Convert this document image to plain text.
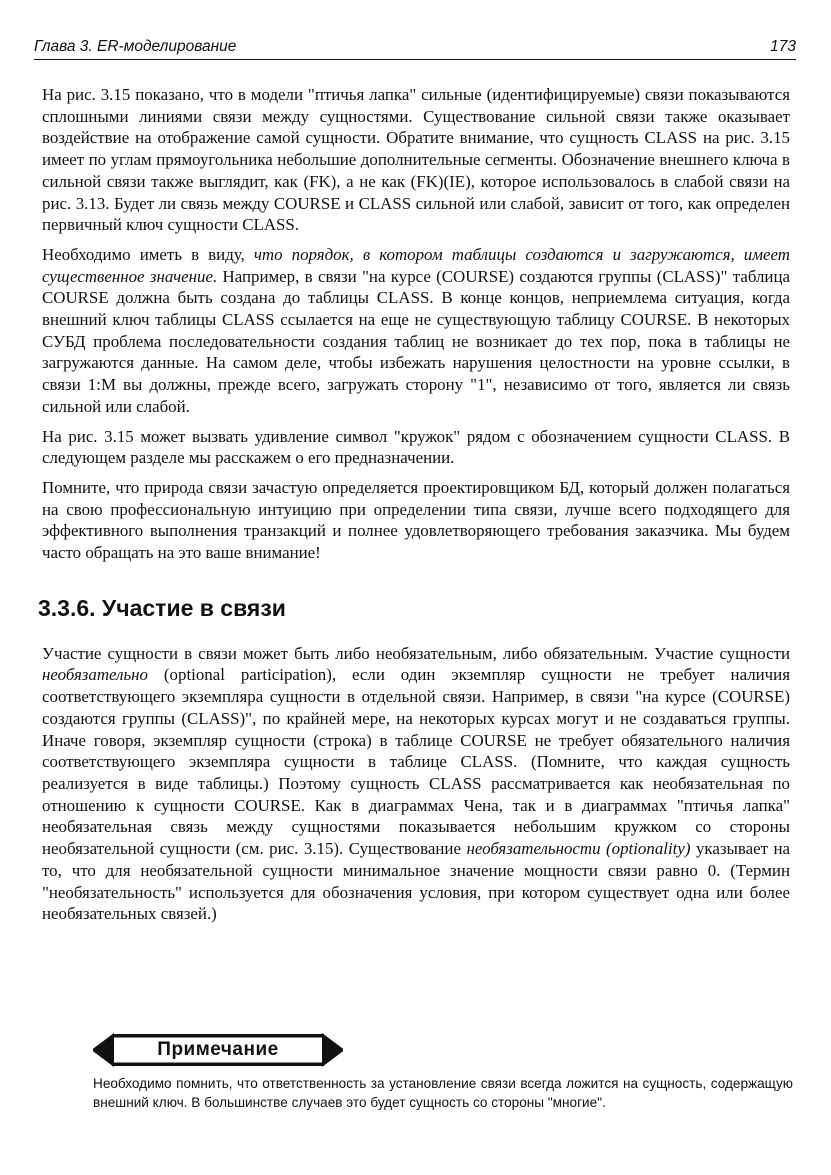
Глава 3. ER-моделирование	173

На рис. 3.15 показано, что в модели "птичья лапка" сильные (идентифицируемые) связи показываются сплошными линиями связи между сущностями. Существование сильной связи также оказывает воздействие на отображение самой сущности. Обратите внимание, что сущность CLASS на рис. 3.15 имеет по углам прямоугольника небольшие дополнительные сегменты. Обозначение внешнего ключа в сильной связи также выглядит, как (FK), а не как (FK)(IE), которое использовалось в слабой связи на рис. 3.13. Будет ли связь между COURSE и CLASS сильной или слабой, зависит от того, как определен первичный ключ сущности CLASS.

Необходимо иметь в виду, что порядок, в котором таблицы создаются и загружаются, имеет существенное значение. Например, в связи "на курсе (COURSE) создаются группы (CLASS)" таблица COURSE должна быть создана до таблицы CLASS. В конце концов, неприемлема ситуация, когда внешний ключ таблицы CLASS ссылается на еще не существующую таблицу COURSE. В некоторых СУБД проблема последовательности создания таблиц не возникает до тех пор, пока в таблицы не загружаются данные. На самом деле, чтобы избежать нарушения целостности на уровне ссылки, в связи 1:М вы должны, прежде всего, загружать сторону "1", независимо от того, является ли связь сильной или слабой.

На рис. 3.15 может вызвать удивление символ "кружок" рядом с обозначением сущности CLASS. В следующем разделе мы расскажем о его предназначении.

Помните, что природа связи зачастую определяется проектировщиком БД, который должен полагаться на свою профессиональную интуицию при определении типа связи, лучше всего подходящего для эффективного выполнения транзакций и полнее удовлетворяющего требования заказчика. Мы будем часто обращать на это ваше внимание!

3.3.6. Участие в связи

Участие сущности в связи может быть либо необязательным, либо обязательным. Участие сущности необязательно (optional participation), если один экземпляр сущности не требует наличия соответствующего экземпляра сущности в отдельной связи. Например, в связи "на курсе (COURSE) создаются группы (CLASS)", по крайней мере, на некоторых курсах могут и не создаваться группы. Иначе говоря, экземпляр сущности (строка) в таблице COURSE не требует обязательного наличия соответствующего экземпляра сущности в таблице CLASS. (Помните, что каждая сущность реализуется в виде таблицы.) Поэтому сущность CLASS рассматривается как необязательная по отношению к сущности COURSE. Как в диаграммах Чена, так и в диаграммах "птичья лапка" необязательная связь между сущностями показывается небольшим кружком со стороны необязательной сущности (см. рис. 3.15). Существование необязательности (optionality) указывает на то, что для необязательной сущности минимальное значение мощности связи равно 0. (Термин "необязательность" используется для обозначения условия, при котором существует одна или более необязательных связей.)

Примечание
Необходимо помнить, что ответственность за установление связи всегда ложится на сущность, содержащую внешний ключ. В большинстве случаев это будет сущность со стороны "многие".
